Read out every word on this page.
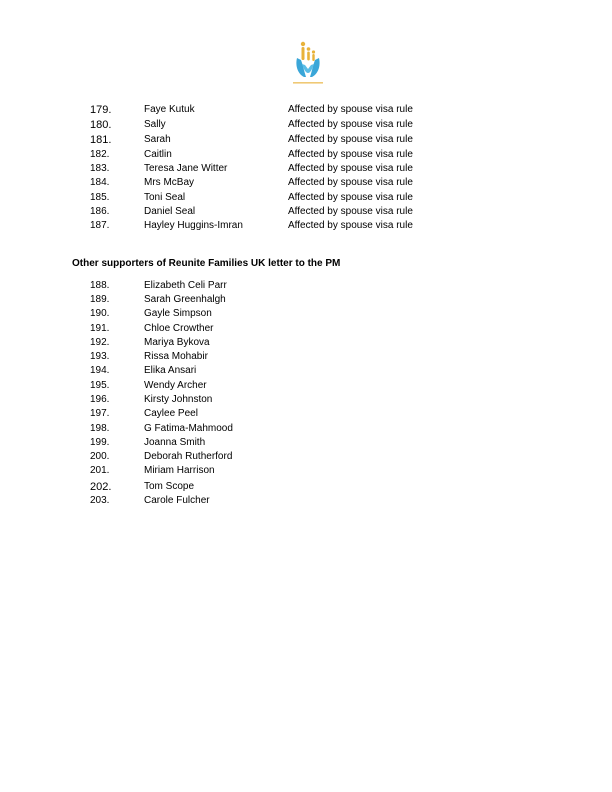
179.	Faye Kutuk	Affected by spouse visa rule
180.	Sally	Affected by spouse visa rule
181.	Sarah	Affected by spouse visa rule
182.	Caitlin	Affected by spouse visa rule
183.	Teresa Jane Witter	Affected by spouse visa rule
184.	Mrs McBay	Affected by spouse visa rule
185.	Toni Seal	Affected by spouse visa rule
186.	Daniel Seal	Affected by spouse visa rule
187.	Hayley Huggins-Imran	Affected by spouse visa rule
Other supporters of Reunite Families UK letter to the PM
188.	Elizabeth Celi Parr
189.	Sarah Greenhalgh
190.	Gayle Simpson
191.	Chloe Crowther
192.	Mariya Bykova
193.	Rissa Mohabir
194.	Elika Ansari
195.	Wendy Archer
196.	Kirsty Johnston
197.	Caylee Peel
198.	G Fatima-Mahmood
199.	Joanna Smith
200.	Deborah Rutherford
201.	Miriam Harrison
202.	Tom Scope
203.	Carole Fulcher
